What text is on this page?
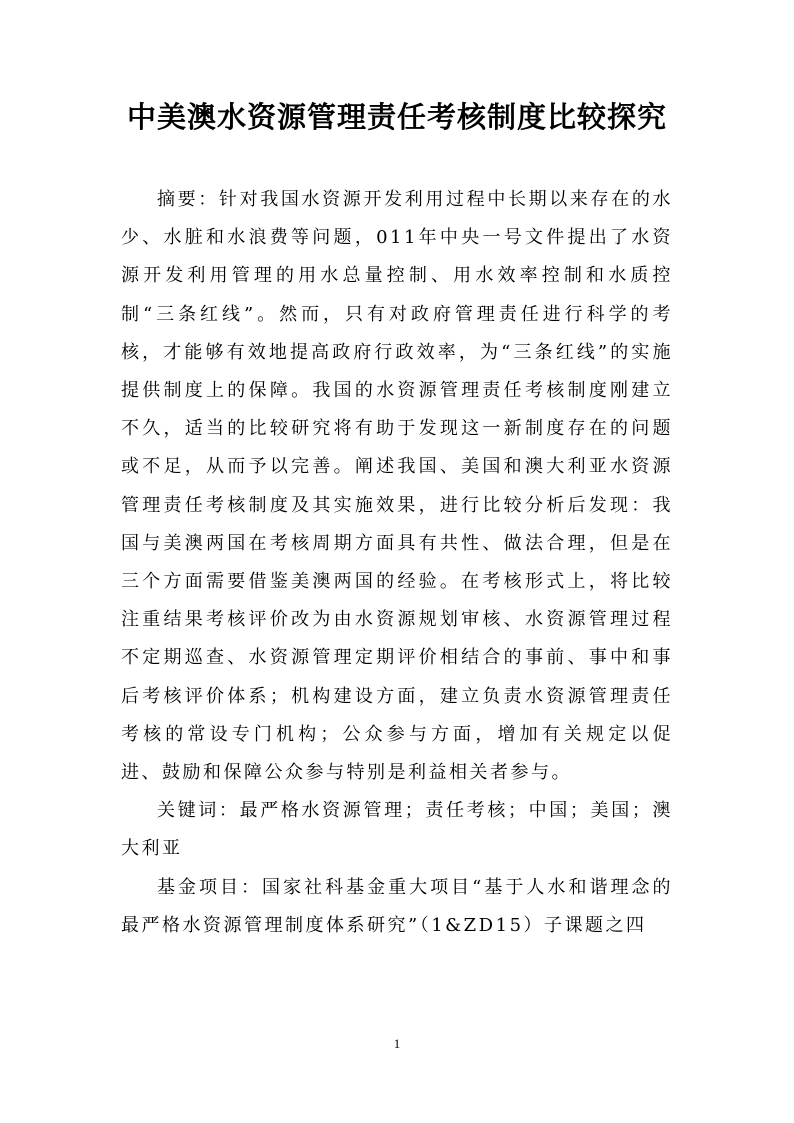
中美澳水资源管理责任考核制度比较探究

摘要：针对我国水资源开发利用过程中长期以来存在的水少、水脏和水浪费等问题，011年中央一号文件提出了水资源开发利用管理的用水总量控制、用水效率控制和水质控制“三条红线”。然而，只有对政府管理责任进行科学的考核，才能够有效地提高政府行政效率，为“三条红线”的实施提供制度上的保障。我国的水资源管理责任考核制度刚建立不久，适当的比较研究将有助于发现这一新制度存在的问题或不足，从而予以完善。阐述我国、美国和澳大利亚水资源管理责任考核制度及其实施效果，进行比较分析后发现：我国与美澳两国在考核周期方面具有共性、做法合理，但是在三个方面需要借鉴美澳两国的经验。在考核形式上，将比较注重结果考核评价改为由水资源规划审核、水资源管理过程不定期巡查、水资源管理定期评价相结合的事前、事中和事后考核评价体系；机构建设方面，建立负责水资源管理责任考核的常设专门机构；公众参与方面，增加有关规定以促进、鼓励和保障公众参与特别是利益相关者参与。

关键词：最严格水资源管理；责任考核；中国；美国；澳大利亚

基金项目：国家社科基金重大项目“基于人水和谐理念的最严格水资源管理制度体系研究”（1&ZD15）子课题之四

1
